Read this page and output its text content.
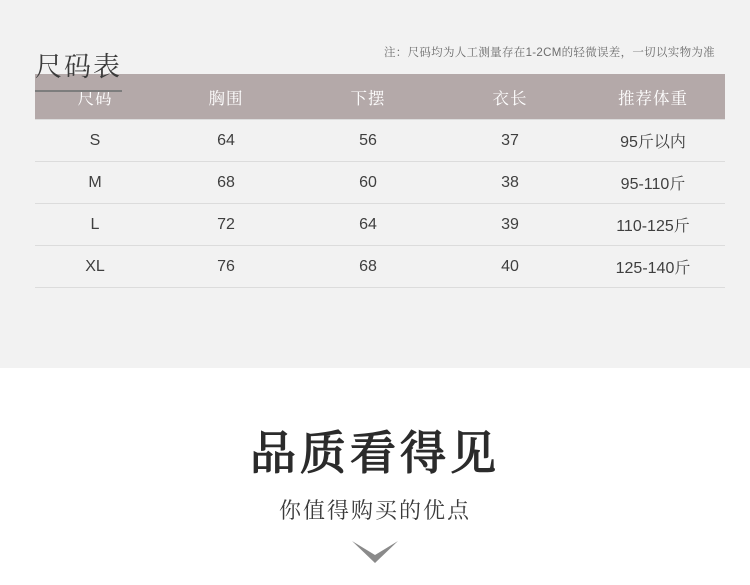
尺码表	注：尺码均为人工测量存在1-2CM的轻微误差，一切以实物为准
尺码	胸围	下摆	衣长	推荐体重
S	64	56	37	95斤以内
M	68	60	38	95-110斤
L	72	64	39	110-125斤
XL	76	68	40	125-140斤
品质看得见

你值得购买的优点
